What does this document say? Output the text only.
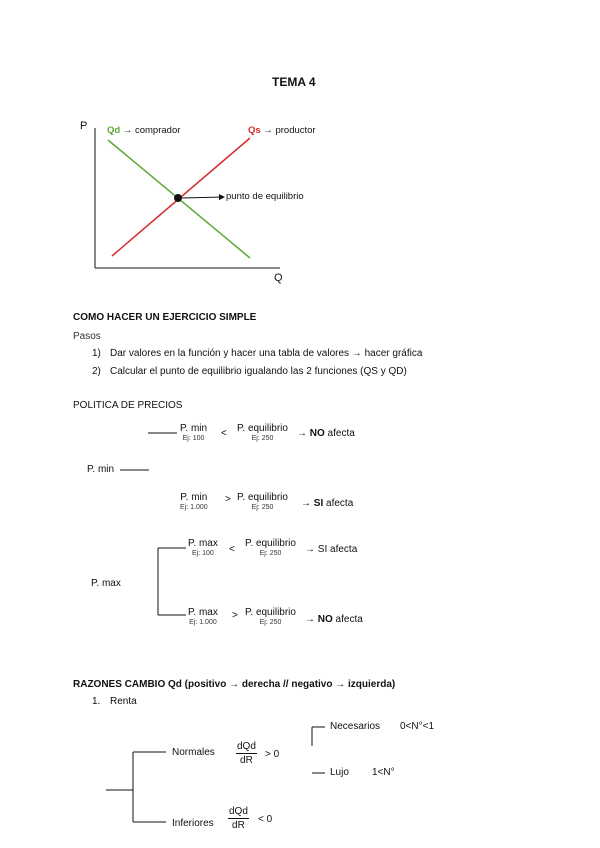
TEMA 4
P
Q
Qd → comprador	Qs → productor
punto de equilibrio
COMO HACER UN EJERCICIO SIMPLE
Pasos
1) Dar valores en la función y hacer una tabla de valores → hacer gráfica
2) Calcular el punto de equilibrio igualando las 2 funciones (QS y QD)
POLITICA DE PRECIOS
P. min
Ej: 100 < P. equilibrio
Ej: 250	→ NO afecta
P. min
P. min
Ej: 1.000
> P. equilibrio
Ej: 250	→ SI afecta
P. max
Ej: 100	<
P. equilibrio
Ej: 250	→ SI afecta
P. max
P. max
Ej: 1.000
> P. equilibrio
Ej: 250	→ NO afecta
RAZONES CAMBIO Qd (positivo → derecha // negativo → izquierda)
1. Renta
Normales
dQd
dR
> 0
Necesarios 0<N°<1
Lujo 1<N°
Inferiores
dQd
dR
< 0
